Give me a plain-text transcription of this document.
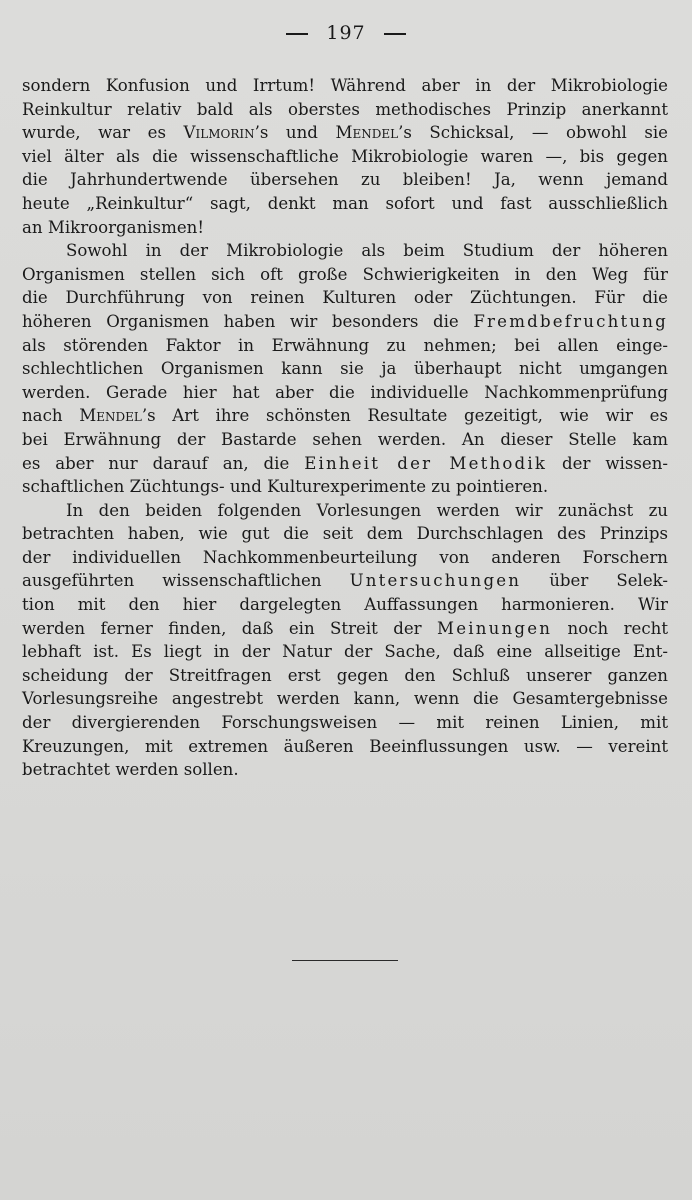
197
sondern Konfusion und Irrtum! Während aber in der Mikrobiologie
Reinkultur relativ bald als oberstes methodisches Prinzip anerkannt
wurde, war es Vilmorin’s und Mendel’s Schicksal, — obwohl sie
viel älter als die wissenschaftliche Mikrobiologie waren —, bis gegen
die Jahrhundertwende übersehen zu bleiben! Ja, wenn jemand
heute „Reinkultur“ sagt, denkt man sofort und fast ausschließlich
an Mikroorganismen!
Sowohl in der Mikrobiologie als beim Studium der höheren
Organismen stellen sich oft große Schwierigkeiten in den Weg für
die Durchführung von reinen Kulturen oder Züchtungen. Für die
höheren Organismen haben wir besonders die Fremdbefruchtung
als störenden Faktor in Erwähnung zu nehmen; bei allen einge-
schlechtlichen Organismen kann sie ja überhaupt nicht umgangen
werden. Gerade hier hat aber die individuelle Nachkommenprüfung
nach Mendel’s Art ihre schönsten Resultate gezeitigt, wie wir es
bei Erwähnung der Bastarde sehen werden. An dieser Stelle kam
es aber nur darauf an, die Einheit der Methodik der wissen-
schaftlichen Züchtungs- und Kulturexperimente zu pointieren.
In den beiden folgenden Vorlesungen werden wir zunächst zu
betrachten haben, wie gut die seit dem Durchschlagen des Prinzips
der individuellen Nachkommenbeurteilung von anderen Forschern
ausgeführten wissenschaftlichen Untersuchungen über Selek-
tion mit den hier dargelegten Auffassungen harmonieren. Wir
werden ferner finden, daß ein Streit der Meinungen noch recht
lebhaft ist. Es liegt in der Natur der Sache, daß eine allseitige Ent-
scheidung der Streitfragen erst gegen den Schluß unserer ganzen
Vorlesungsreihe angestrebt werden kann, wenn die Gesamtergebnisse
der divergierenden Forschungsweisen — mit reinen Linien, mit
Kreuzungen, mit extremen äußeren Beeinflussungen usw. — vereint
betrachtet werden sollen.
